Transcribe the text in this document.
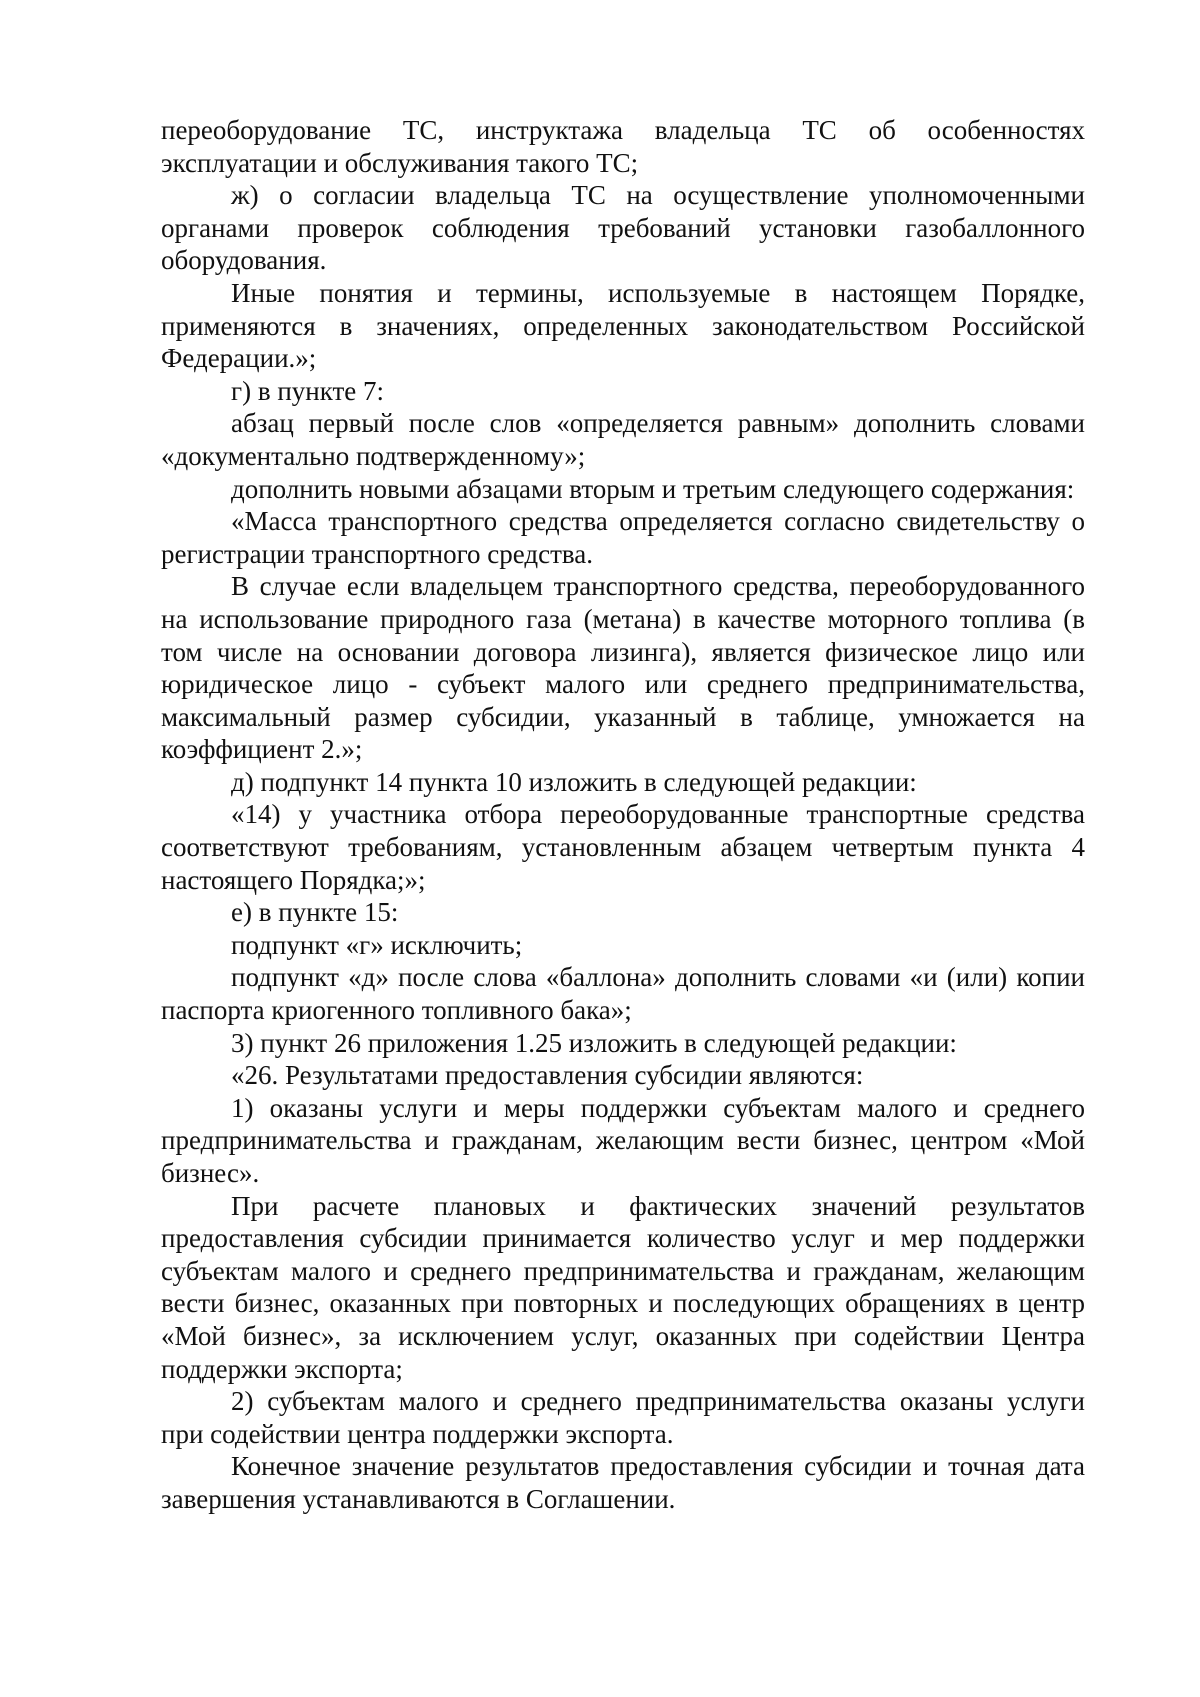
переоборудование ТС, инструктажа владельца ТС об особенностях эксплуатации и обслуживания такого ТС;

ж) о согласии владельца ТС на осуществление уполномоченными органами проверок соблюдения требований установки газобаллонного оборудования.

Иные понятия и термины, используемые в настоящем Порядке, применяются в значениях, определенных законодательством Российской Федерации.»;

г) в пункте 7:

абзац первый после слов «определяется равным» дополнить словами «документально подтвержденному»;

дополнить новыми абзацами вторым и третьим следующего содержания:

«Масса транспортного средства определяется согласно свидетельству о регистрации транспортного средства.

В случае если владельцем транспортного средства, переоборудованного на использование природного газа (метана) в качестве моторного топлива (в том числе на основании договора лизинга), является физическое лицо или юридическое лицо - субъект малого или среднего предпринимательства, максимальный размер субсидии, указанный в таблице, умножается на коэффициент 2.»;

д) подпункт 14 пункта 10 изложить в следующей редакции:

«14) у участника отбора переоборудованные транспортные средства соответствуют требованиям, установленным абзацем четвертым пункта 4 настоящего Порядка;»;

е) в пункте 15:

подпункт «г» исключить;

подпункт «д» после слова «баллона» дополнить словами «и (или) копии паспорта криогенного топливного бака»;

3) пункт 26 приложения 1.25 изложить в следующей редакции:

«26. Результатами предоставления субсидии являются:

1) оказаны услуги и меры поддержки субъектам малого и среднего предпринимательства и гражданам, желающим вести бизнес, центром «Мой бизнес».

При расчете плановых и фактических значений результатов предоставления субсидии принимается количество услуг и мер поддержки субъектам малого и среднего предпринимательства и гражданам, желающим вести бизнес, оказанных при повторных и последующих обращениях в центр «Мой бизнес», за исключением услуг, оказанных при содействии Центра поддержки экспорта;

2) субъектам малого и среднего предпринимательства оказаны услуги при содействии центра поддержки экспорта.

Конечное значение результатов предоставления субсидии и точная дата завершения устанавливаются в Соглашении.
